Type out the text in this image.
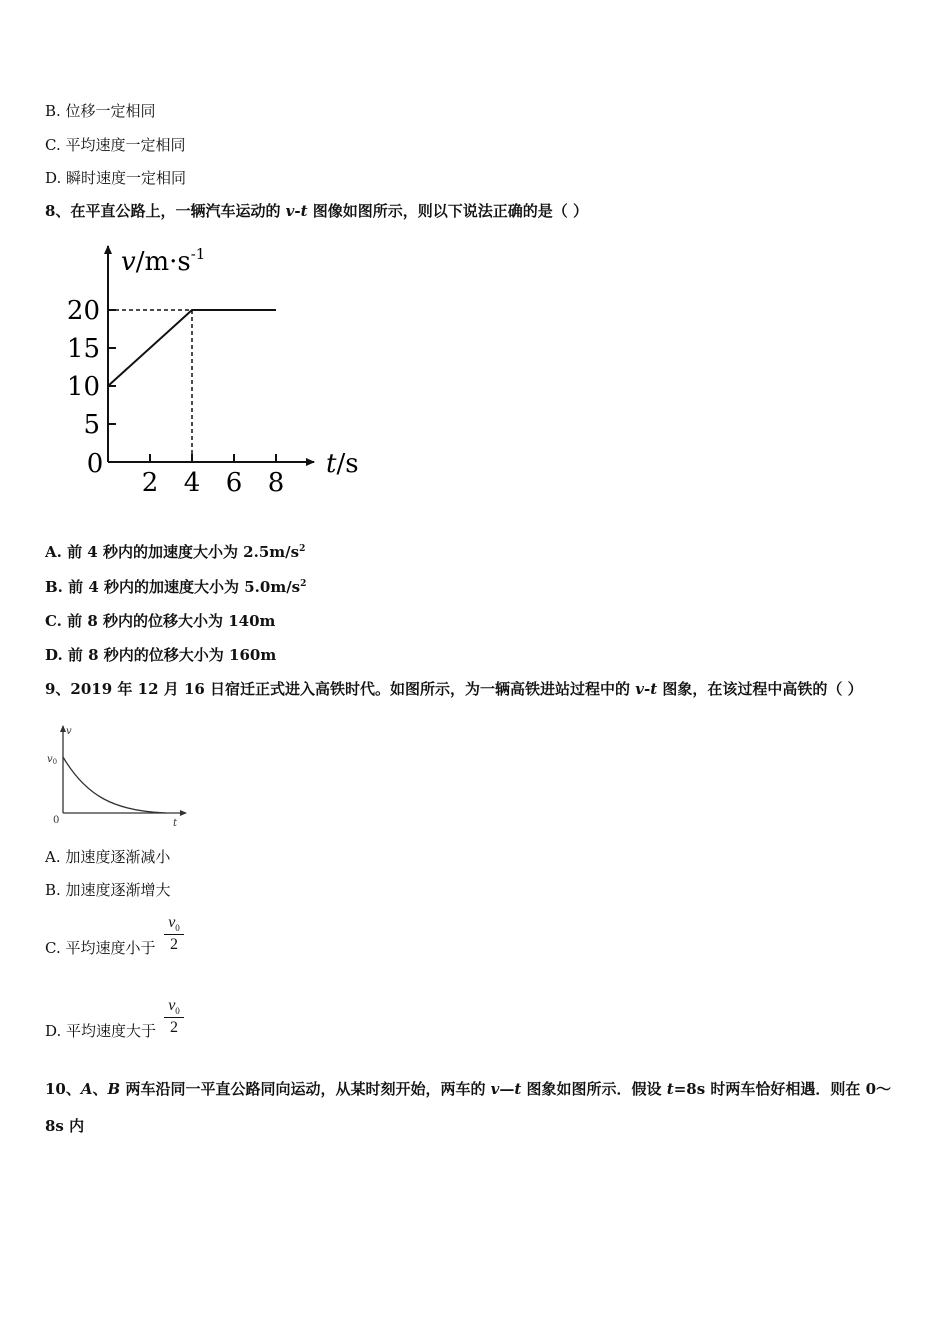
B. 位移一定相同
C. 平均速度一定相同
D. 瞬时速度一定相同
8、在平直公路上，一辆汽车运动的 v-t 图像如图所示，则以下说法正确的是（ ）
5
10
15
20
2 4 6 8
0
$v/m\cdot s^{-1}$
t/s
A. 前 4 秒内的加速度大小为 $2.5m/s^2$
B. 前 4 秒内的加速度大小为 $5.0m/s^2$
C. 前 8 秒内的位移大小为 140m
D. 前 8 秒内的位移大小为 160m
9、2019 年 12 月 16 日宿迁正式进入高铁时代。如图所示，为一辆高铁进站过程中的 v-t 图象，在该过程中高铁的（ ）
v
$v_0$
0	t
A. 加速度逐渐减小
B. 加速度逐渐增大
C. 平均速度小于 $\frac{v_0}{2}$
D. 平均速度大于 $\frac{v_0}{2}$
10、A、B 两车沿同一平直公路同向运动，从某时刻开始，两车的 v—t 图象如图所示．假设 t=8s 时两车恰好相遇．则在 0～
8s 内
